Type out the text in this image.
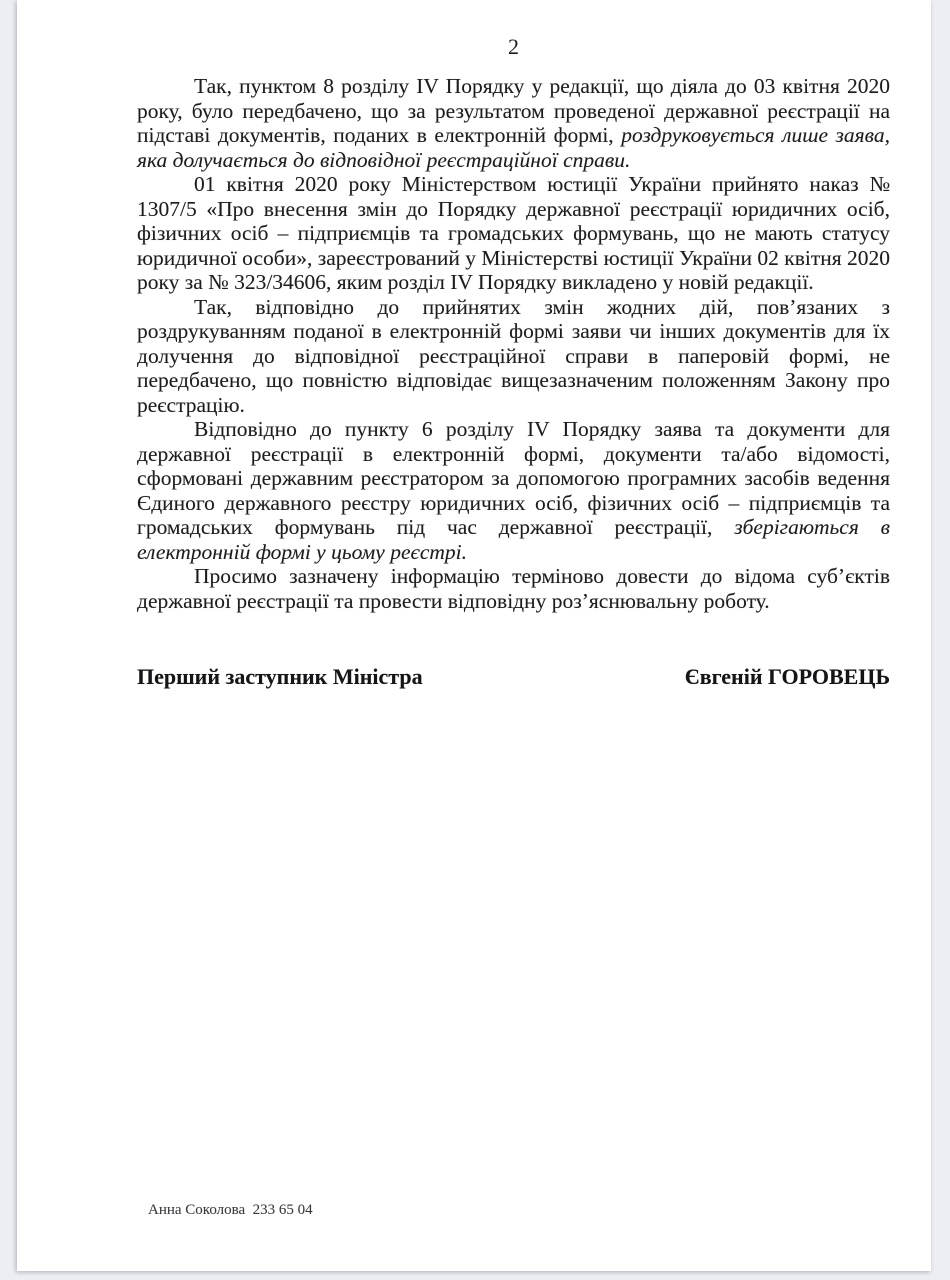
2

Так, пунктом 8 розділу IV Порядку у редакції, що діяла до 03 квітня 2020 року, було передбачено, що за результатом проведеної державної реєстрації на підставі документів, поданих в електронній формі, роздруковується лише заява, яка долучається до відповідної реєстраційної справи.

01 квітня 2020 року Міністерством юстиції України прийнято наказ № 1307/5 «Про внесення змін до Порядку державної реєстрації юридичних осіб, фізичних осіб – підприємців та громадських формувань, що не мають статусу юридичної особи», зареєстрований у Міністерстві юстиції України 02 квітня 2020 року за № 323/34606, яким розділ IV Порядку викладено у новій редакції.

Так, відповідно до прийнятих змін жодних дій, пов’язаних з роздрукуванням поданої в електронній формі заяви чи інших документів для їх долучення до відповідної реєстраційної справи в паперовій формі, не передбачено, що повністю відповідає вищезазначеним положенням Закону про реєстрацію.

Відповідно до пункту 6 розділу IV Порядку заява та документи для державної реєстрації в електронній формі, документи та/або відомості, сформовані державним реєстратором за допомогою програмних засобів ведення Єдиного державного реєстру юридичних осіб, фізичних осіб – підприємців та громадських формувань під час державної реєстрації, зберігаються в електронній формі у цьому реєстрі.

Просимо зазначену інформацію терміново довести до відома суб’єктів державної реєстрації та провести відповідну роз’яснювальну роботу.

Перший заступник Міністра	Євгеній ГОРОВЕЦЬ
Анна Соколова  233 65 04
